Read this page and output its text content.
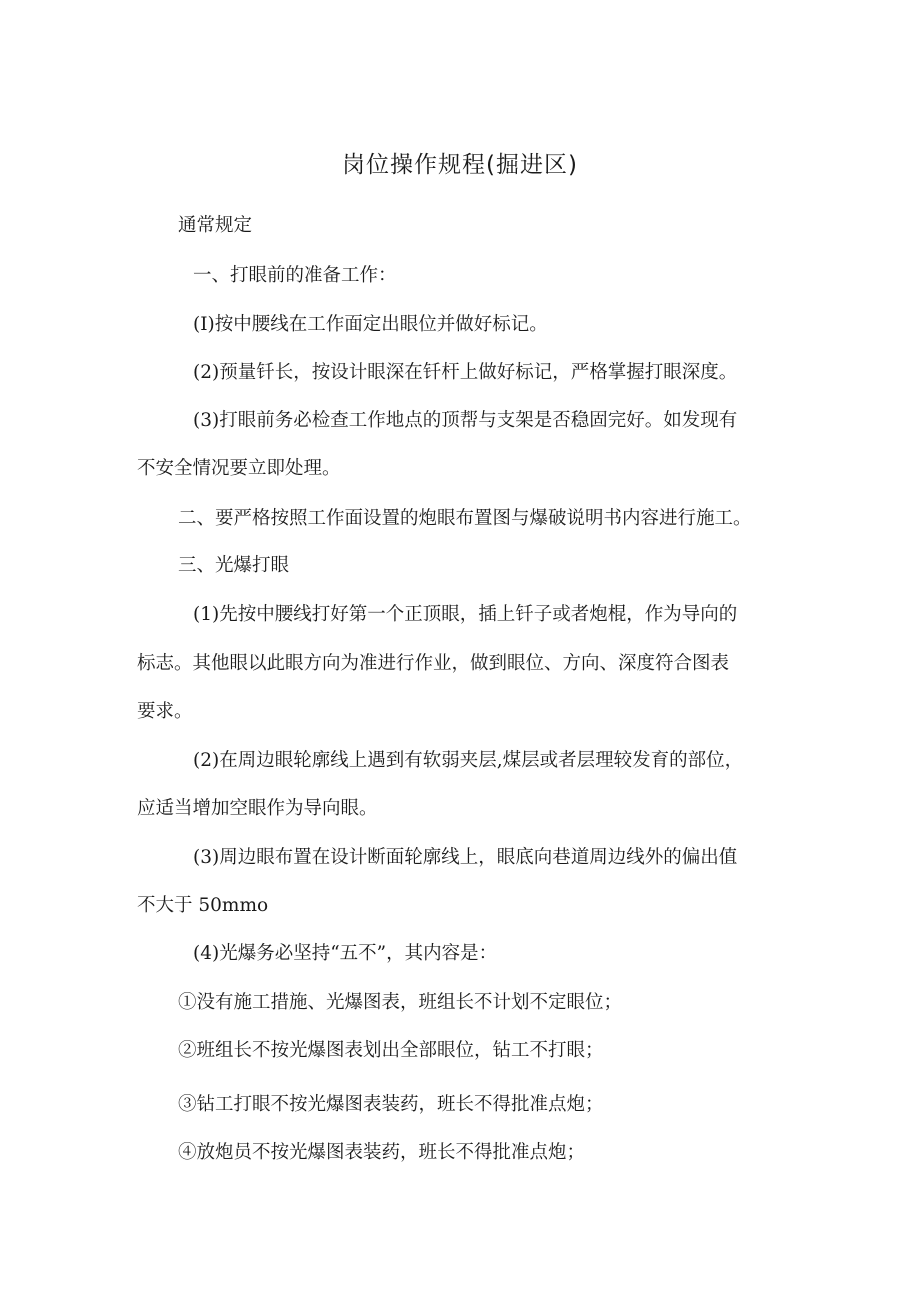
岗位操作规程(掘进区)
通常规定
一、打眼前的准备工作：
(I)按中腰线在工作面定出眼位并做好标记。
(2)预量钎长，按设计眼深在钎杆上做好标记，严格掌握打眼深度。
(3)打眼前务必检查工作地点的顶帮与支架是否稳固完好。如发现有
不安全情况要立即处理。
二、要严格按照工作面设置的炮眼布置图与爆破说明书内容进行施工。
三、光爆打眼
(1)先按中腰线打好第一个正顶眼，插上钎子或者炮棍，作为导向的
标志。其他眼以此眼方向为准进行作业，做到眼位、方向、深度符合图表
要求。
(2)在周边眼轮廓线上遇到有软弱夹层,煤层或者层理较发育的部位，
应适当增加空眼作为导向眼。
(3)周边眼布置在设计断面轮廓线上，眼底向巷道周边线外的偏出值
不大于 50mmo
(4)光爆务必坚持“五不”，其内容是：
①没有施工措施、光爆图表，班组长不计划不定眼位；
②班组长不按光爆图表划出全部眼位，钻工不打眼；
③钻工打眼不按光爆图表装药，班长不得批准点炮；
④放炮员不按光爆图表装药，班长不得批准点炮；
